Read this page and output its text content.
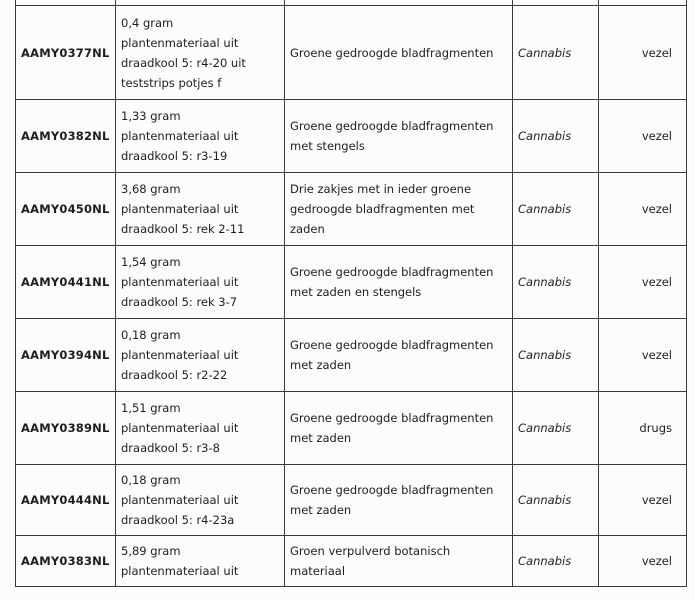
AAMY0377NL	0,4 gram
plantenmateriaal uit
draadkool 5: r4-20 uit
teststrips potjes f	Groene gedroogde bladfragmenten	Cannabis	vezel
AAMY0382NL	1,33 gram
plantenmateriaal uit
draadkool 5: r3-19	Groene gedroogde bladfragmenten
met stengels	Cannabis	vezel
AAMY0450NL	3,68 gram
plantenmateriaal uit
draadkool 5: rek 2-11	Drie zakjes met in ieder groene
gedroogde bladfragmenten met
zaden	Cannabis	vezel
AAMY0441NL	1,54 gram
plantenmateriaal uit
draadkool 5: rek 3-7	Groene gedroogde bladfragmenten
met zaden en stengels	Cannabis	vezel
AAMY0394NL	0,18 gram
plantenmateriaal uit
draadkool 5: r2-22	Groene gedroogde bladfragmenten
met zaden	Cannabis	vezel
AAMY0389NL	1,51 gram
plantenmateriaal uit
draadkool 5: r3-8	Groene gedroogde bladfragmenten
met zaden	Cannabis	drugs
AAMY0444NL	0,18 gram
plantenmateriaal uit
draadkool 5: r4-23a	Groene gedroogde bladfragmenten
met zaden	Cannabis	vezel
AAMY0383NL	5,89 gram
plantenmateriaal uit	Groen verpulverd botanisch
materiaal	Cannabis	vezel
